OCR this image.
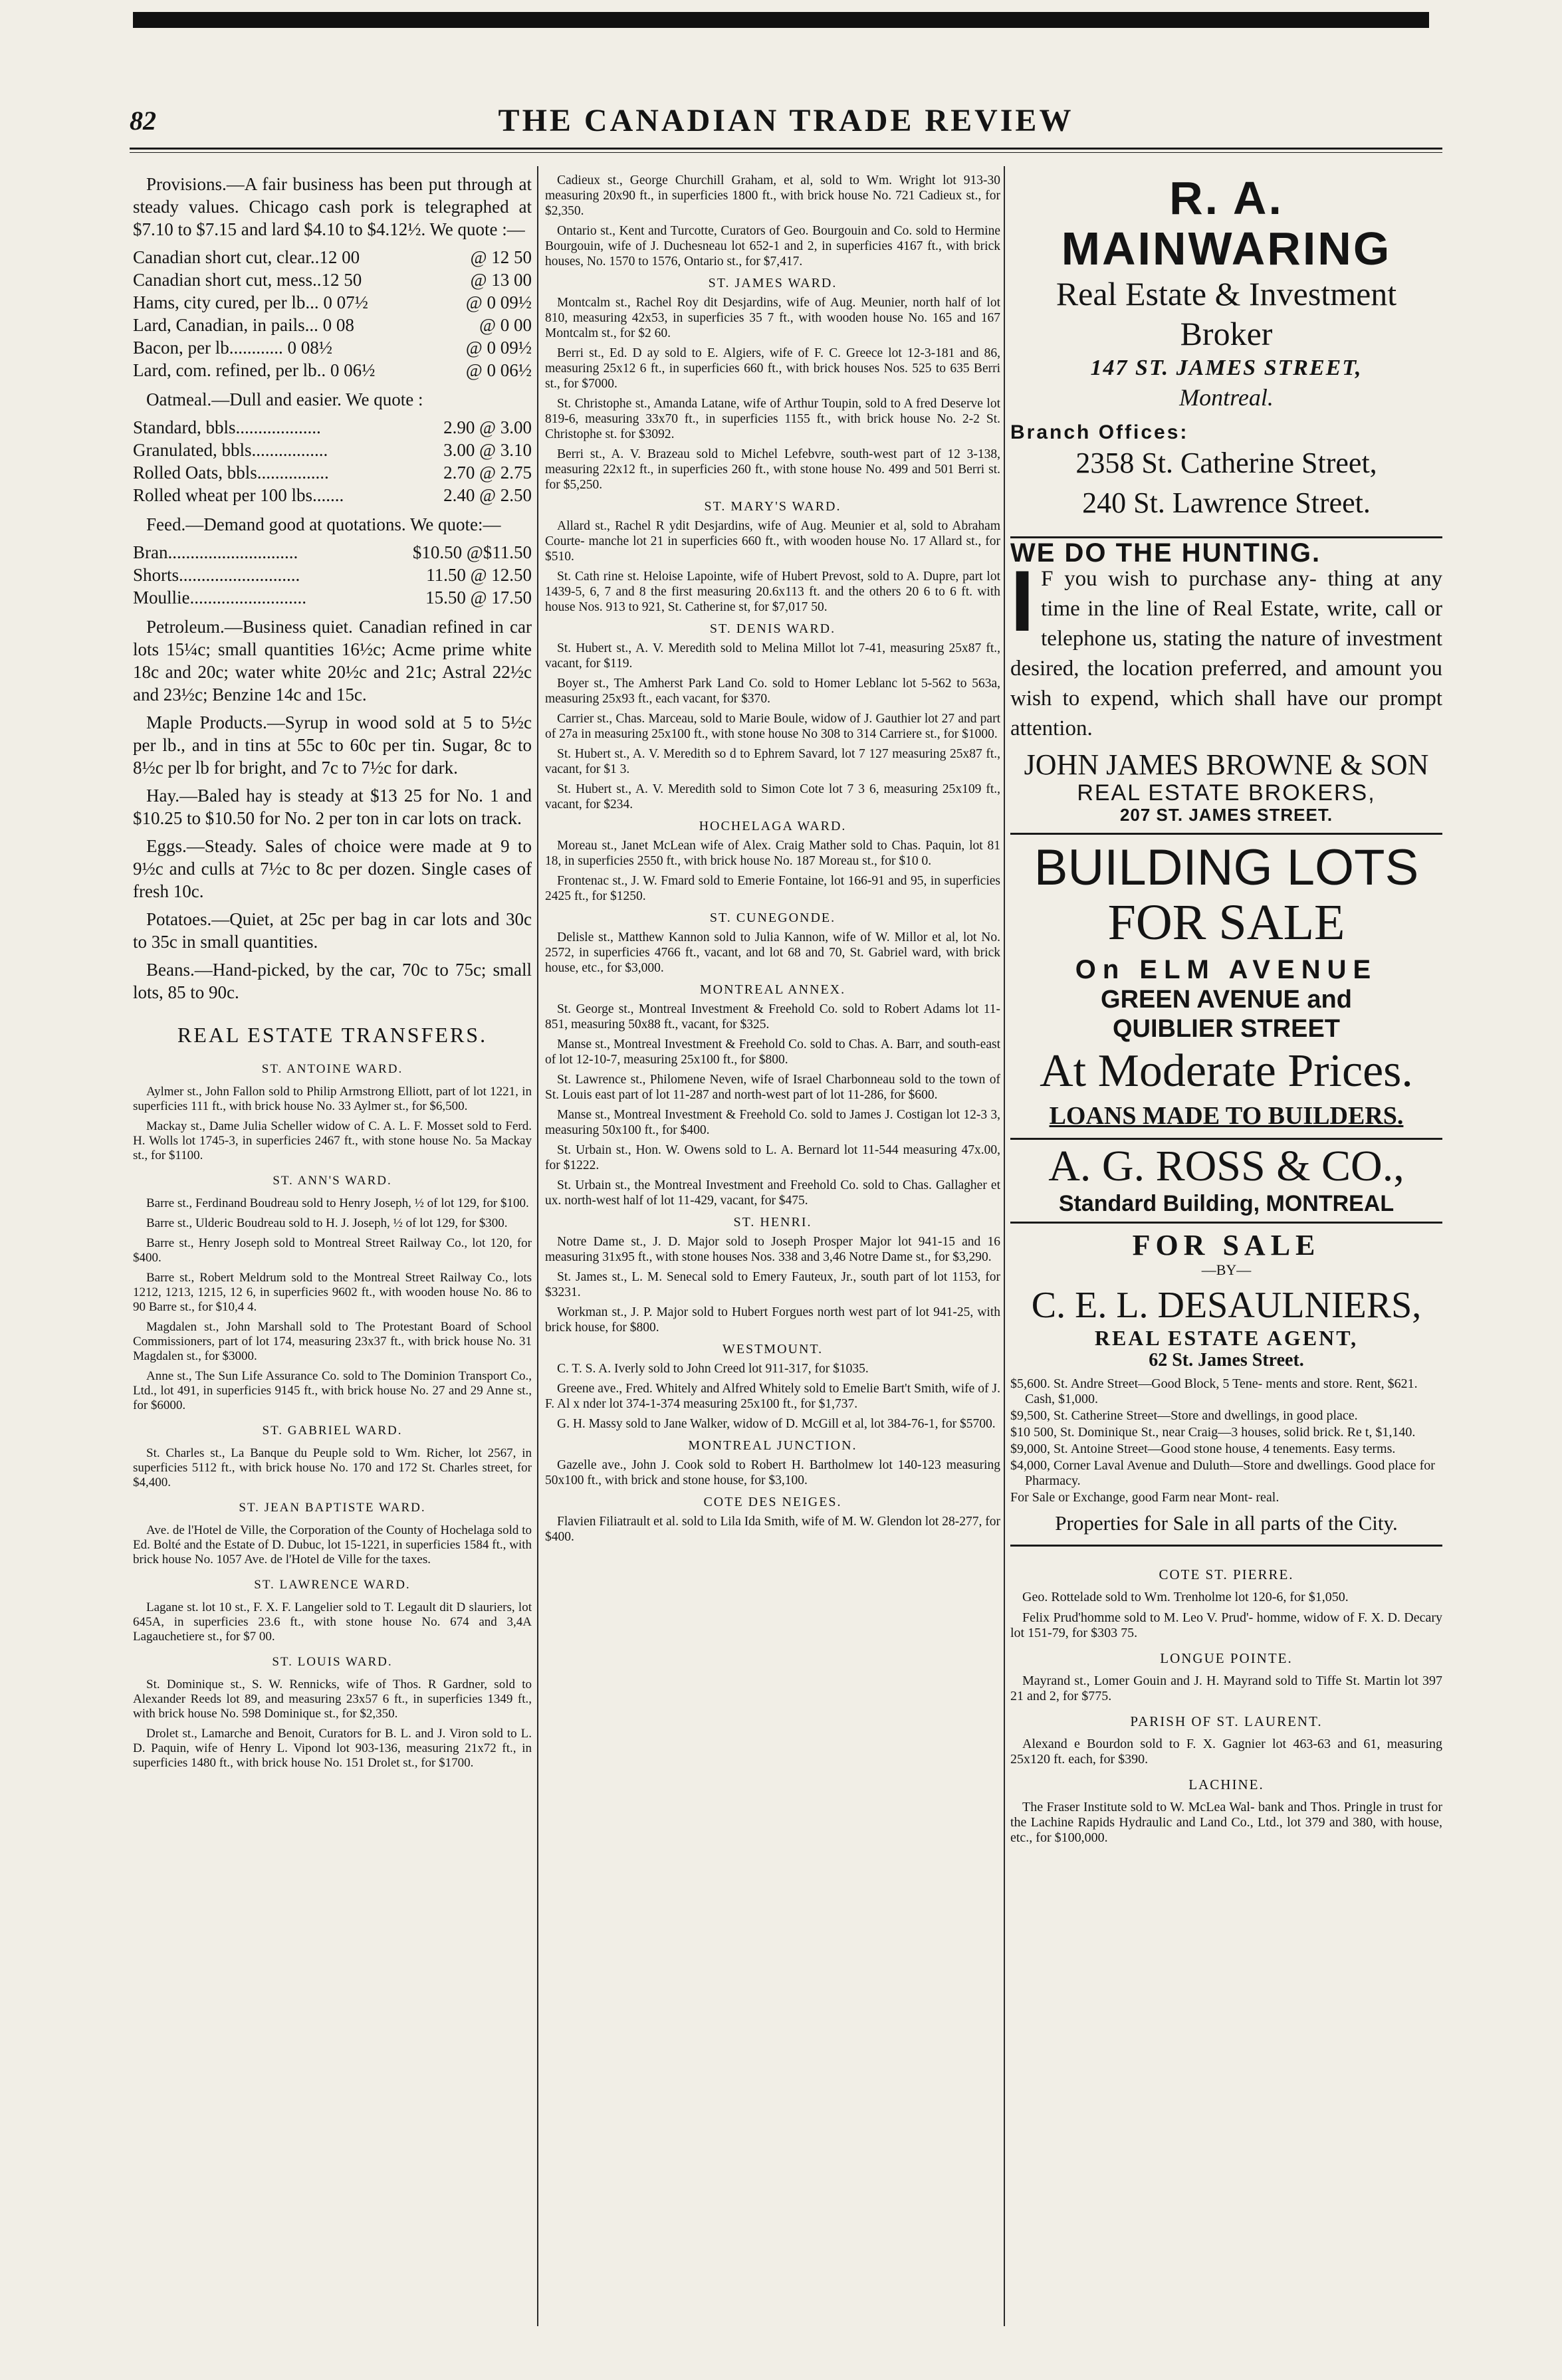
82	THE CANADIAN TRADE REVIEW

Provisions.—A fair business has been put through at steady values. Chicago cash pork is telegraphed at $7.10 to $7.15 and lard $4.10 to $4.12½. We quote :—

Canadian short cut, clear..12 00	@ 12 50
Canadian short cut, mess..12 50	@ 13 00
Hams, city cured, per lb... 0 07½	@ 0 09½
Lard, Canadian, in pails... 0 08	@ 0 00
Bacon, per lb............ 0 08½	@ 0 09½
Lard, com. refined, per lb.. 0 06½	@ 0 06½

Oatmeal.—Dull and easier. We quote :

Standard, bbls...................	2.90 @ 3.00
Granulated, bbls.................	3.00 @ 3.10
Rolled Oats, bbls................	2.70 @ 2.75
Rolled wheat per 100 lbs.......	2.40 @ 2.50

Feed.—Demand good at quotations. We quote:—

Bran.............................	$10.50 @$11.50
Shorts...........................	11.50 @ 12.50
Moullie..........................	15.50 @ 17.50

Petroleum.—Business quiet. Canadian refined in car lots 15¼c; small quantities 16½c; Acme prime white 18c and 20c; water white 20½c and 21c; Astral 22½c and 23½c; Benzine 14c and 15c.

Maple Products.—Syrup in wood sold at 5 to 5½c per lb., and in tins at 55c to 60c per tin. Sugar, 8c to 8½c per lb for bright, and 7c to 7½c for dark.

Hay.—Baled hay is steady at $13 25 for No. 1 and $10.25 to $10.50 for No. 2 per ton in car lots on track.

Eggs.—Steady. Sales of choice were made at 9 to 9½c and culls at 7½c to 8c per dozen. Single cases of fresh 10c.

Potatoes.—Quiet, at 25c per bag in car lots and 30c to 35c in small quantities.

Beans.—Hand-picked, by the car, 70c to 75c; small lots, 85 to 90c.

REAL ESTATE TRANSFERS.
ST. ANTOINE WARD.

Aylmer st., John Fallon sold to Philip Armstrong Elliott, part of lot 1221, in superficies 111 ft., with brick house No. 33 Aylmer st., for $6,500.

Mackay st., Dame Julia Scheller widow of C. A. L. F. Mosset sold to Ferd. H. Wolls lot 1745-3, in superficies 2467 ft., with stone house No. 5a Mackay st., for $1100.

ST. ANN'S WARD.

Barre st., Ferdinand Boudreau sold to Henry Joseph, ½ of lot 129, for $100.

Barre st., Ulderic Boudreau sold to H. J. Joseph, ½ of lot 129, for $300.

Barre st., Henry Joseph sold to Montreal Street Railway Co., lot 120, for $400.

Barre st., Robert Meldrum sold to the Montreal Street Railway Co., lots 1212, 1213, 1215, 12 6, in superficies 9602 ft., with wooden house No. 86 to 90 Barre st., for $10,4 4.

Magdalen st., John Marshall sold to The Protestant Board of School Commissioners, part of lot 174, measuring 23x37 ft., with brick house No. 31 Magdalen st., for $3000.

Anne st., The Sun Life Assurance Co. sold to The Dominion Transport Co., Ltd., lot 491, in superficies 9145 ft., with brick house No. 27 and 29 Anne st., for $6000.

ST. GABRIEL WARD.

St. Charles st., La Banque du Peuple sold to Wm. Richer, lot 2567, in superficies 5112 ft., with brick house No. 170 and 172 St. Charles street, for $4,400.

ST. JEAN BAPTISTE WARD.

Ave. de l'Hotel de Ville, the Corporation of the County of Hochelaga sold to Ed. Bolté and the Estate of D. Dubuc, lot 15-1221, in superficies 1584 ft., with brick house No. 1057 Ave. de l'Hotel de Ville for the taxes.

ST. LAWRENCE WARD.

Lagane st. lot 10 st., F. X. F. Langelier sold to T. Legault dit D slauriers, lot 645A, in superficies 23.6 ft., with stone house No. 674 and 3,4A Lagauchetiere st., for $7 00.

ST. LOUIS WARD.

St. Dominique st., S. W. Rennicks, wife of Thos. R Gardner, sold to Alexander Reeds lot 89, and measuring 23x57 6 ft., in superficies 1349 ft., with brick house No. 598 Dominique st., for $2,350.

Drolet st., Lamarche and Benoit, Curators for B. L. and J. Viron sold to L. D. Paquin, wife of Henry L. Vipond lot 903-136, measuring 21x72 ft., in superficies 1480 ft., with brick house No. 151 Drolet st., for $1700.

Cadieux st., George Churchill Graham, et al, sold to Wm. Wright lot 913-30 measuring 20x90 ft., in superficies 1800 ft., with brick house No. 721 Cadieux st., for $2,350.

Ontario st., Kent and Turcotte, Curators of Geo. Bourgouin and Co. sold to Hermine Bourgouin, wife of J. Duchesneau lot 652-1 and 2, in superficies 4167 ft., with brick houses, No. 1570 to 1576, Ontario st., for $7,417.

ST. JAMES WARD.

Montcalm st., Rachel Roy dit Desjardins, wife of Aug. Meunier, north half of lot 810, measuring 42x53, in superficies 35 7 ft., with wooden house No. 165 and 167 Montcalm st., for $2 60.

Berri st., Ed. D ay sold to E. Algiers, wife of F. C. Greece lot 12-3-181 and 86, measuring 25x12 6 ft., in superficies 660 ft., with brick houses Nos. 525 to 635 Berri st., for $7000.

St. Christophe st., Amanda Latane, wife of Arthur Toupin, sold to A fred Deserve lot 819-6, measuring 33x70 ft., in superficies 1155 ft., with brick house No. 2-2 St. Christophe st. for $3092.

Berri st., A. V. Brazeau sold to Michel Lefebvre, south-west part of 12 3-138, measuring 22x12 ft., in superficies 260 ft., with stone house No. 499 and 501 Berri st. for $5,250.

ST. MARY'S WARD.

Allard st., Rachel R ydit Desjardins, wife of Aug. Meunier et al, sold to Abraham Courte- manche lot 21 in superficies 660 ft., with wooden house No. 17 Allard st., for $510.

St. Cath rine st. Heloise Lapointe, wife of Hubert Prevost, sold to A. Dupre, part lot 1439-5, 6, 7 and 8 the first measuring 20.6x113 ft. and the others 20 6 to 6 ft. with house Nos. 913 to 921, St. Catherine st, for $7,017 50.

ST. DENIS WARD.

St. Hubert st., A. V. Meredith sold to Melina Millot lot 7-41, measuring 25x87 ft., vacant, for $119.

Boyer st., The Amherst Park Land Co. sold to Homer Leblanc lot 5-562 to 563a, measuring 25x93 ft., each vacant, for $370.

Carrier st., Chas. Marceau, sold to Marie Boule, widow of J. Gauthier lot 27 and part of 27a in measuring 25x100 ft., with stone house No 308 to 314 Carriere st., for $1000.

St. Hubert st., A. V. Meredith so d to Ephrem Savard, lot 7 127 measuring 25x87 ft., vacant, for $1 3.

St. Hubert st., A. V. Meredith sold to Simon Cote lot 7 3 6, measuring 25x109 ft., vacant, for $234.

HOCHELAGA WARD.

Moreau st., Janet McLean wife of Alex. Craig Mather sold to Chas. Paquin, lot 81 18, in superficies 2550 ft., with brick house No. 187 Moreau st., for $10 0.

Frontenac st., J. W. Fmard sold to Emerie Fontaine, lot 166-91 and 95, in superficies 2425 ft., for $1250.

ST. CUNEGONDE.

Delisle st., Matthew Kannon sold to Julia Kannon, wife of W. Millor et al, lot No. 2572, in superficies 4766 ft., vacant, and lot 68 and 70, St. Gabriel ward, with brick house, etc., for $3,000.

MONTREAL ANNEX.

St. George st., Montreal Investment & Freehold Co. sold to Robert Adams lot 11-851, measuring 50x88 ft., vacant, for $325.

Manse st., Montreal Investment & Freehold Co. sold to Chas. A. Barr, and south-east of lot 12-10-7, measuring 25x100 ft., for $800.

St. Lawrence st., Philomene Neven, wife of Israel Charbonneau sold to the town of St. Louis east part of lot 11-287 and north-west part of lot 11-286, for $600.

Manse st., Montreal Investment & Freehold Co. sold to James J. Costigan lot 12-3 3, measuring 50x100 ft., for $400.

St. Urbain st., Hon. W. Owens sold to L. A. Bernard lot 11-544 measuring 47x.00, for $1222.

St. Urbain st., the Montreal Investment and Freehold Co. sold to Chas. Gallagher et ux. north-west half of lot 11-429, vacant, for $475.

ST. HENRI.

Notre Dame st., J. D. Major sold to Joseph Prosper Major lot 941-15 and 16 measuring 31x95 ft., with stone houses Nos. 338 and 3,46 Notre Dame st., for $3,290.

St. James st., L. M. Senecal sold to Emery Fauteux, Jr., south part of lot 1153, for $3231.

Workman st., J. P. Major sold to Hubert Forgues north west part of lot 941-25, with brick house, for $800.

WESTMOUNT.

C. T. S. A. Iverly sold to John Creed lot 911-317, for $1035.

Greene ave., Fred. Whitely and Alfred Whitely sold to Emelie Bart't Smith, wife of J. F. Al x nder lot 374-1-374 measuring 25x100 ft., for $1,737.

G. H. Massy sold to Jane Walker, widow of D. McGill et al, lot 384-76-1, for $5700.

MONTREAL JUNCTION.

Gazelle ave., John J. Cook sold to Robert H. Bartholmew lot 140-123 measuring 50x100 ft., with brick and stone house, for $3,100.

COTE DES NEIGES.

Flavien Filiatrault et al. sold to Lila Ida Smith, wife of M. W. Glendon lot 28-277, for $400.

R. A. MAINWARING
Real Estate & Investment Broker
147 ST. JAMES STREET,
Montreal.
Branch Offices:
2358 St. Catherine Street,
240 St. Lawrence Street.
WE DO THE HUNTING.
I F you wish to purchase any- thing at any time in the line of Real Estate, write, call or telephone us, stating the nature of investment desired, the location preferred, and amount you wish to expend, which shall have our prompt attention.
JOHN JAMES BROWNE & SON
REAL ESTATE BROKERS,
207 ST. JAMES STREET.
BUILDING LOTS
FOR SALE
On ELM AVENUE
GREEN AVENUE and
QUIBLIER STREET
At Moderate Prices.
LOANS MADE TO BUILDERS.
A. G. ROSS & CO.,
Standard Building, MONTREAL
FOR SALE
—BY—
C. E. L. DESAULNIERS,
REAL ESTATE AGENT,
62 St. James Street.
$5,600. St. Andre Street—Good Block, 5 Tene- ments and store. Rent, $621. Cash, $1,000.
$9,500, St. Catherine Street—Store and dwellings, in good place.
$10 500, St. Dominique St., near Craig—3 houses, solid brick. Re t, $1,140.
$9,000, St. Antoine Street—Good stone house, 4 tenements. Easy terms.
$4,000, Corner Laval Avenue and Duluth—Store and dwellings. Good place for Pharmacy.
For Sale or Exchange, good Farm near Mont- real.
Properties for Sale in all parts of the City.
COTE ST. PIERRE.

Geo. Rottelade sold to Wm. Trenholme lot 120-6, for $1,050.

Felix Prud'homme sold to M. Leo V. Prud'- homme, widow of F. X. D. Decary lot 151-79, for $303 75.

LONGUE POINTE.

Mayrand st., Lomer Gouin and J. H. Mayrand sold to Tiffe St. Martin lot 397 21 and 2, for $775.

PARISH OF ST. LAURENT.

Alexand e Bourdon sold to F. X. Gagnier lot 463-63 and 61, measuring 25x120 ft. each, for $390.

LACHINE.

The Fraser Institute sold to W. McLea Wal- bank and Thos. Pringle in trust for the Lachine Rapids Hydraulic and Land Co., Ltd., lot 379 and 380, with house, etc., for $100,000.
